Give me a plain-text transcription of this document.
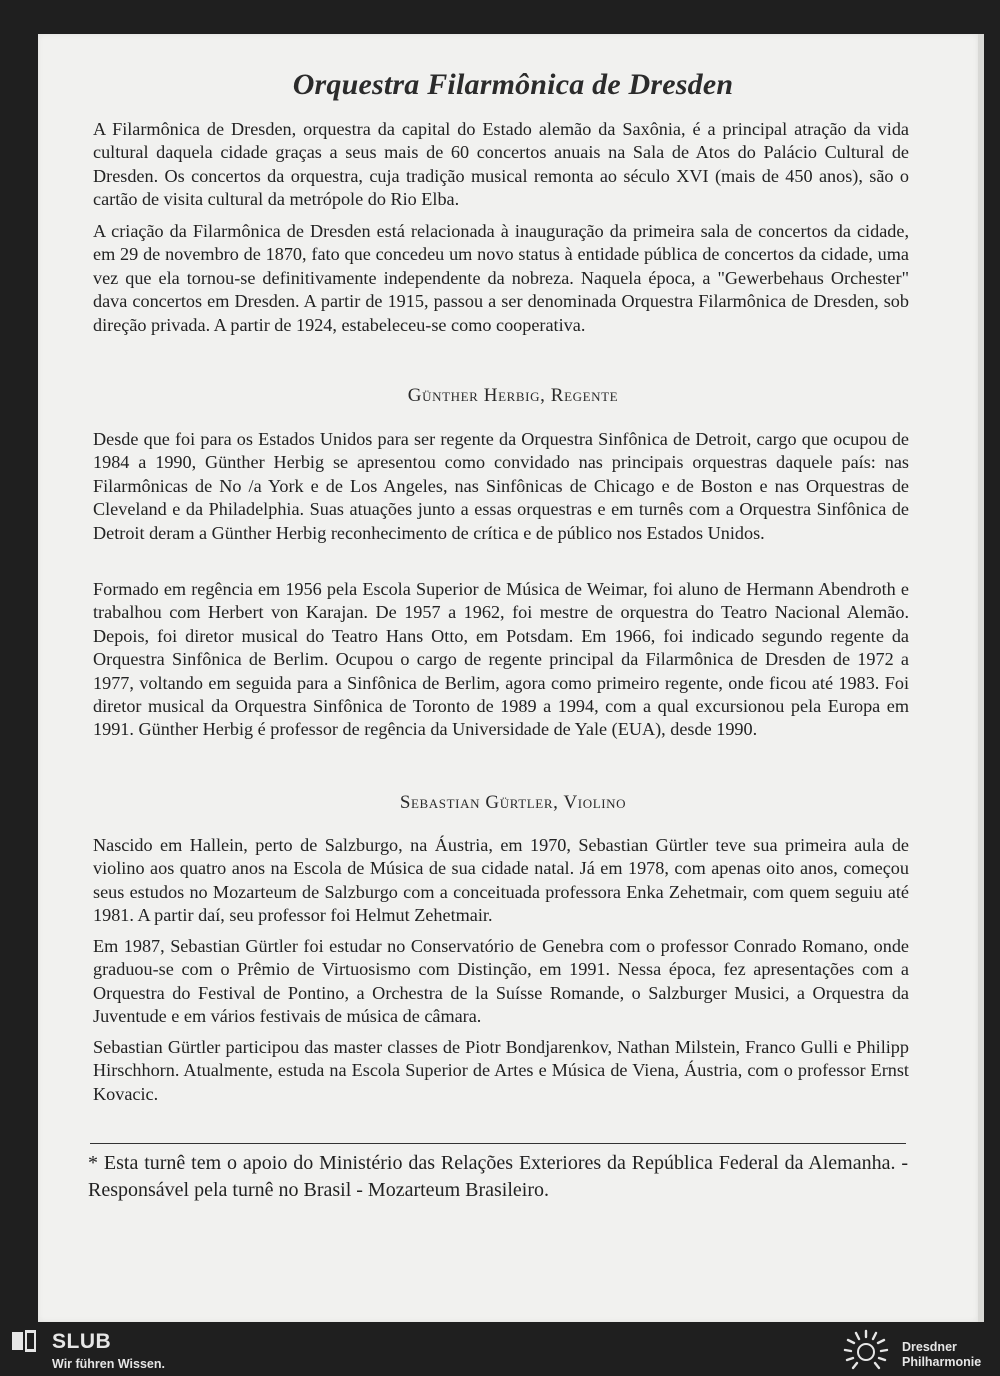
Orquestra Filarmônica de Dresden

A Filarmônica de Dresden, orquestra da capital do Estado alemão da Saxônia, é a principal atração da vida cultural daquela cidade graças a seus mais de 60 concertos anuais na Sala de Atos do Palácio Cultural de Dresden. Os concertos da orquestra, cuja tradição musical remonta ao século XVI (mais de 450 anos), são o cartão de visita cultural da metrópole do Rio Elba.

A criação da Filarmônica de Dresden está relacionada à inauguração da primeira sala de concertos da cidade, em 29 de novembro de 1870, fato que concedeu um novo status à entidade pública de concertos da cidade, uma vez que ela tornou-se definitivamente independente da nobreza. Naquela época, a "Gewerbehaus Orchester" dava concertos em Dresden. A partir de 1915, passou a ser denominada Orquestra Filarmônica de Dresden, sob direção privada. A partir de 1924, estabeleceu-se como cooperativa.

Günther Herbig, Regente

Desde que foi para os Estados Unidos para ser regente da Orquestra Sinfônica de Detroit, cargo que ocupou de 1984 a 1990, Günther Herbig se apresentou como convidado nas principais orquestras daquele país: nas Filarmônicas de No /a York e de Los Angeles, nas Sinfônicas de Chicago e de Boston e nas Orquestras de Cleveland e da Philadelphia. Suas atuações junto a essas orquestras e em turnês com a Orquestra Sinfônica de Detroit deram a Günther Herbig reconhecimento de crítica e de público nos Estados Unidos.

Formado em regência em 1956 pela Escola Superior de Música de Weimar, foi aluno de Hermann Abendroth e trabalhou com Herbert von Karajan. De 1957 a 1962, foi mestre de orquestra do Teatro Nacional Alemão. Depois, foi diretor musical do Teatro Hans Otto, em Potsdam. Em 1966, foi indicado segundo regente da Orquestra Sinfônica de Berlim. Ocupou o cargo de regente principal da Filarmônica de Dresden de 1972 a 1977, voltando em seguida para a Sinfônica de Berlim, agora como primeiro regente, onde ficou até 1983. Foi diretor musical da Orquestra Sinfônica de Toronto de 1989 a 1994, com a qual excursionou pela Europa em 1991. Günther Herbig é professor de regência da Universidade de Yale (EUA), desde 1990.

Sebastian Gürtler, Violino

Nascido em Hallein, perto de Salzburgo, na Áustria, em 1970, Sebastian Gürtler teve sua primeira aula de violino aos quatro anos na Escola de Música de sua cidade natal. Já em 1978, com apenas oito anos, começou seus estudos no Mozarteum de Salzburgo com a conceituada professora Enka Zehetmair, com quem seguiu até 1981. A partir daí, seu professor foi Helmut Zehetmair.

Em 1987, Sebastian Gürtler foi estudar no Conservatório de Genebra com o professor Conrado Romano, onde graduou-se com o Prêmio de Virtuosismo com Distinção, em 1991. Nessa época, fez apresentações com a Orquestra do Festival de Pontino, a Orchestra de la Suísse Romande, o Salzburger Musici, a Orquestra da Juventude e em vários festivais de música de câmara.

Sebastian Gürtler participou das master classes de Piotr Bondjarenkov, Nathan Milstein, Franco Gulli e Philipp Hirschhorn. Atualmente, estuda na Escola Superior de Artes e Música de Viena, Áustria, com o professor Ernst Kovacic.

* Esta turnê tem o apoio do Ministério das Relações Exteriores da República Federal da Alemanha. - Responsável pela turnê no Brasil - Mozarteum Brasileiro.

SLUB
Wir führen Wissen.
Dresdner
Philharmonie
